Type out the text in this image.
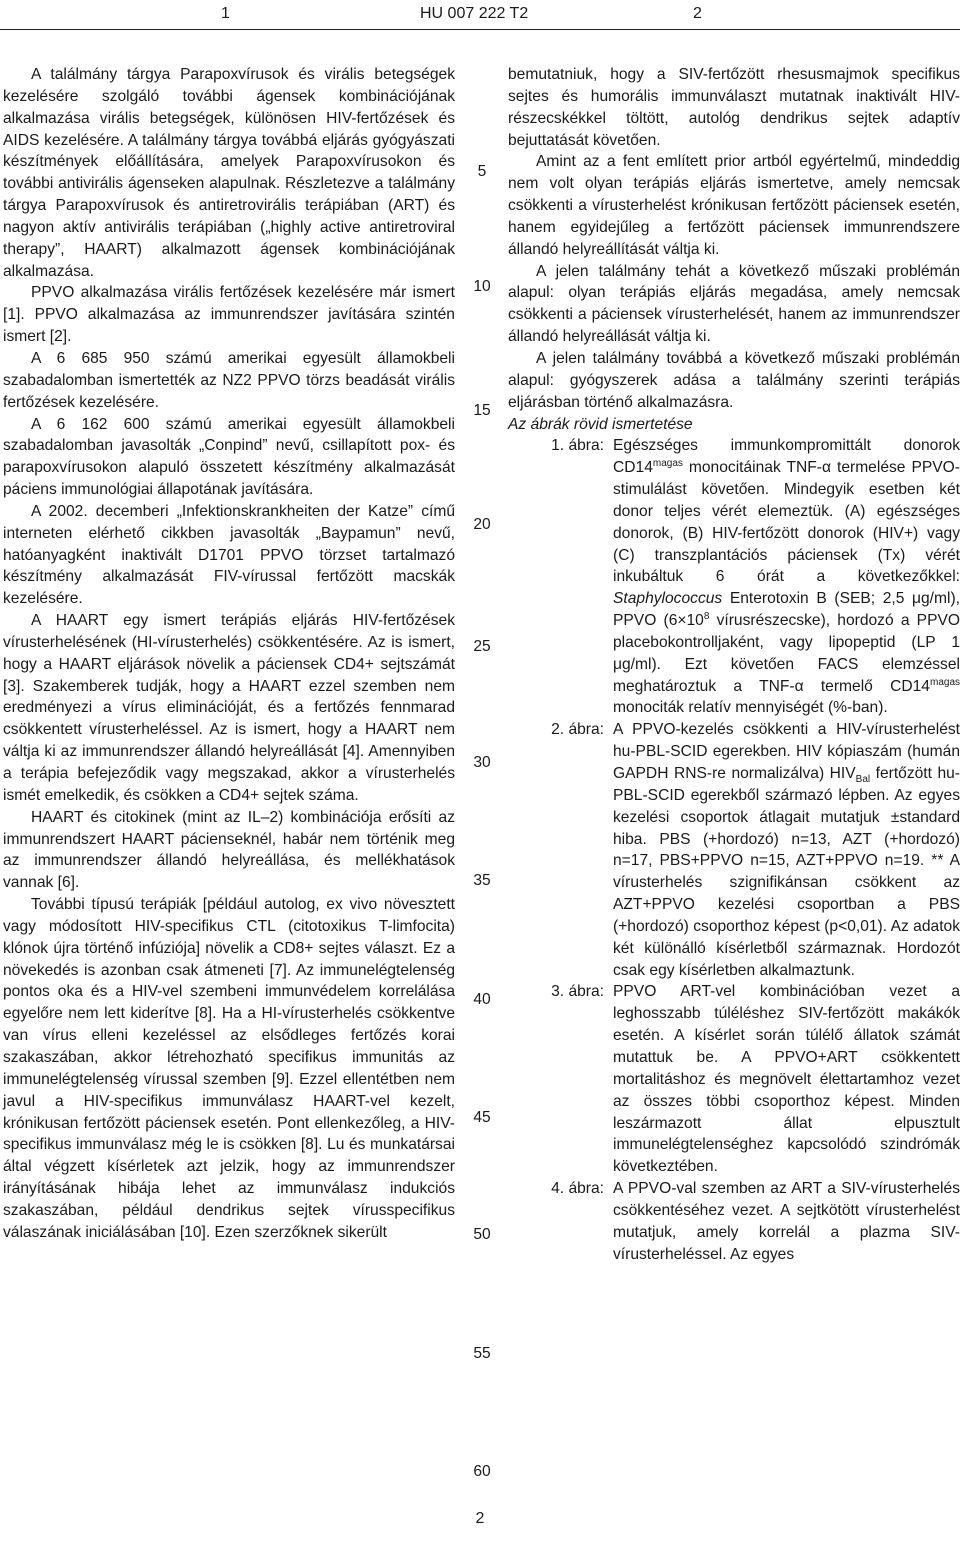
1	HU 007 222 T2	2

A találmány tárgya Parapoxvírusok és virális betegségek kezelésére szolgáló további ágensek kombinációjának alkalmazása virális betegségek, különösen HIV-fertőzések és AIDS kezelésére. A találmány tárgya továbbá eljárás gyógyászati készítmények előállítására, amelyek Parapoxvírusokon és további antivirális ágenseken alapulnak. Részletezve a találmány tárgya Parapoxvírusok és antiretrovirális terápiában (ART) és nagyon aktív antivirális terápiában („highly active antiretroviral therapy”, HAART) alkalmazott ágensek kombinációjának alkalmazása.

PPVO alkalmazása virális fertőzések kezelésére már ismert [1]. PPVO alkalmazása az immunrendszer javítására szintén ismert [2].

A 6 685 950 számú amerikai egyesült államokbeli szabadalomban ismertették az NZ2 PPVO törzs beadását virális fertőzések kezelésére.

A 6 162 600 számú amerikai egyesült államokbeli szabadalomban javasolták „Conpind” nevű, csillapított pox- és parapoxvírusokon alapuló összetett készítmény alkalmazását páciens immunológiai állapotának javítására.

A 2002. decemberi „Infektionskrankheiten der Katze” című interneten elérhető cikkben javasolták „Baypamun” nevű, hatóanyagként inaktivált D1701 PPVO törzset tartalmazó készítmény alkalmazását FIV-vírussal fertőzött macskák kezelésére.

A HAART egy ismert terápiás eljárás HIV-fertőzések vírusterhelésének (HI-vírusterhelés) csökkentésére. Az is ismert, hogy a HAART eljárások növelik a páciensek CD4+ sejtszámát [3]. Szakemberek tudják, hogy a HAART ezzel szemben nem eredményezi a vírus eliminációját, és a fertőzés fennmarad csökkentett vírusterheléssel. Az is ismert, hogy a HAART nem váltja ki az immunrendszer állandó helyreállását [4]. Amennyiben a terápia befejeződik vagy megszakad, akkor a vírusterhelés ismét emelkedik, és csökken a CD4+ sejtek száma.

HAART és citokinek (mint az IL–2) kombinációja erősíti az immunrendszert HAART pácienseknél, habár nem történik meg az immunrendszer állandó helyreállása, és mellékhatások vannak [6].

További típusú terápiák [például autolog, ex vivo növesztett vagy módosított HIV-specifikus CTL (citotoxikus T-limfocita) klónok újra történő infúziója] növelik a CD8+ sejtes választ. Ez a növekedés is azonban csak átmeneti [7]. Az immunelégtelenség pontos oka és a HIV-vel szembeni immunvédelem korrelálása egyelőre nem lett kiderítve [8]. Ha a HI-vírusterhelés csökkentve van vírus elleni kezeléssel az elsődleges fertőzés korai szakaszában, akkor létrehozható specifikus immunitás az immunelégtelenség vírussal szemben [9]. Ezzel ellentétben nem javul a HIV-specifikus immunválasz HAART-vel kezelt, krónikusan fertőzött páciensek esetén. Pont ellenkezőleg, a HIV-specifikus immunválasz még le is csökken [8]. Lu és munkatársai által végzett kísérletek azt jelzik, hogy az immunrendszer irányításának hibája lehet az immunválasz indukciós szakaszában, például dendrikus sejtek vírusspecifikus válaszának iniciálásában [10]. Ezen szerzőknek sikerült

bemutatniuk, hogy a SIV-fertőzött rhesusmajmok specifikus sejtes és humorális immunválaszt mutatnak inaktivált HIV-részecskékkel töltött, autológ dendrikus sejtek adaptív bejuttatását követően.

Amint az a fent említett prior artból egyértelmű, mindeddig nem volt olyan terápiás eljárás ismertetve, amely nemcsak csökkenti a vírusterhelést krónikusan fertőzött páciensek esetén, hanem egyidejűleg a fertőzött páciensek immunrendszere állandó helyreállítását váltja ki.

A jelen találmány tehát a következő műszaki problémán alapul: olyan terápiás eljárás megadása, amely nemcsak csökkenti a páciensek vírusterhelését, hanem az immunrendszer állandó helyreállását váltja ki.

A jelen találmány továbbá a következő műszaki problémán alapul: gyógyszerek adása a találmány szerinti terápiás eljárásban történő alkalmazásra.

Az ábrák rövid ismertetése

1. ábra: Egészséges immunkompromittált donorok $CD14^{magas}$ monocitáinak TNF-α termelése PPVO-stimulálást követően. Mindegyik esetben két donor teljes vérét elemeztük. (A) egészséges donorok, (B) HIV-fertőzött donorok (HIV+) vagy (C) transzplantációs páciensek (Tx) vérét inkubáltuk 6 órát a következőkkel: Staphylococcus Enterotoxin B (SEB; 2,5 μg/ml), PPVO ($6\times 10^8$ vírusrészecske), hordozó a PPVO placebokontrolljaként, vagy lipopeptid (LP 1 μg/ml). Ezt követően FACS elemzéssel meghatároztuk a TNF-α termelő $CD14^{magas}$ monociták relatív mennyiségét (%-ban).
2. ábra: A PPVO-kezelés csökkenti a HIV-vírusterhelést hu-PBL-SCID egerekben. HIV kópiaszám (humán GAPDH RNS-re normalizálva) $HIV_{Bal}$ fertőzött hu-PBL-SCID egerekből származó lépben. Az egyes kezelési csoportok átlagait mutatjuk ±standard hiba. PBS (+hordozó) n=13, AZT (+hordozó) n=17, PBS+PPVO n=15, AZT+PPVO n=19. ** A vírusterhelés szignifikánsan csökkent az AZT+PPVO kezelési csoportban a PBS (+hordozó) csoporthoz képest (p<0,01). Az adatok két különálló kísérletből származnak. Hordozót csak egy kísérletben alkalmaztunk.
3. ábra: PPVO ART-vel kombinációban vezet a leghosszabb túléléshez SIV-fertőzött makákók esetén. A kísérlet során túlélő állatok számát mutattuk be. A PPVO+ART csökkentett mortalitáshoz és megnövelt élettartamhoz vezet az összes többi csoporthoz képest. Minden leszármazott állat elpusztult immunelégtelenséghez kapcsolódó szindrómák következtében.
4. ábra: A PPVO-val szemben az ART a SIV-vírusterhelés csökkentéséhez vezet. A sejtkötött vírusterhelést mutatjuk, amely korrelál a plazma SIV-vírusterheléssel. Az egyes
5
10
15
20
25
30
35
40
45
50
55
60
2
